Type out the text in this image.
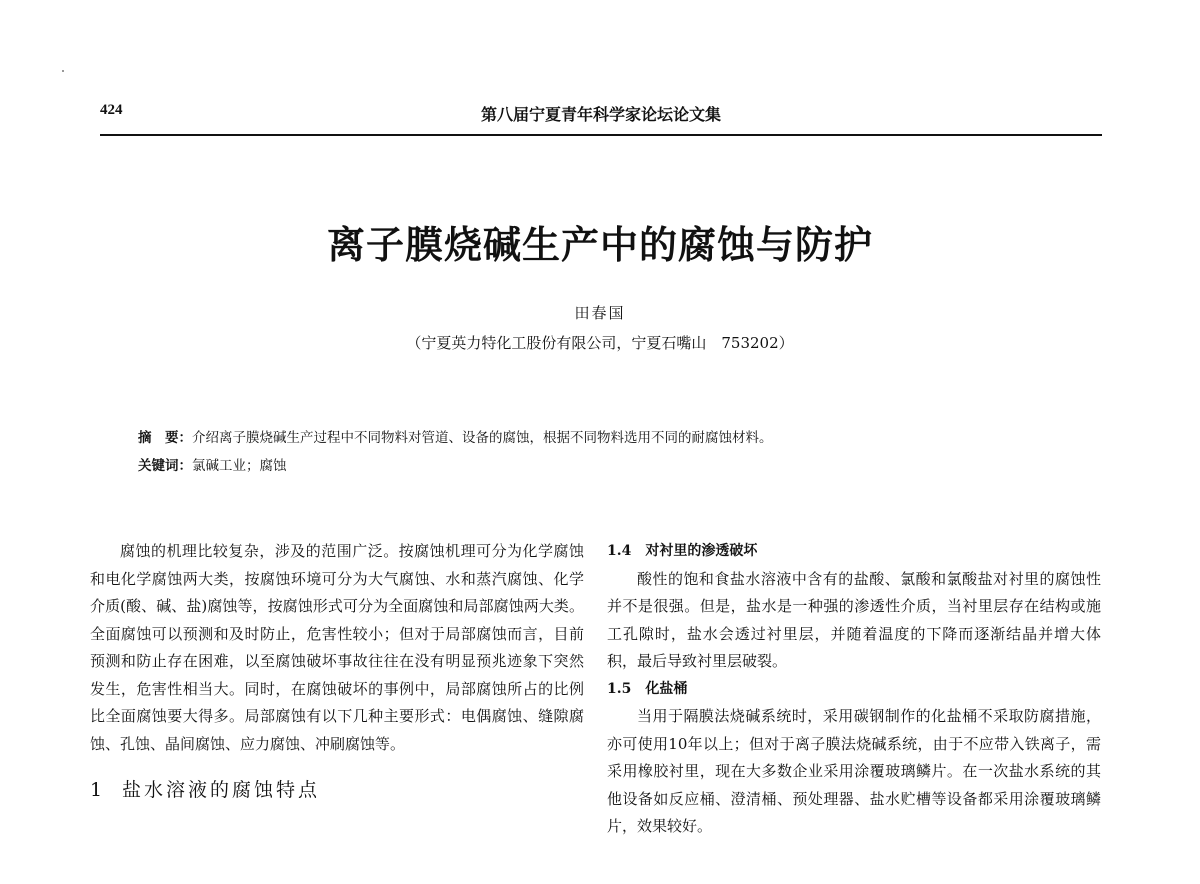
424	第八届宁夏青年科学家论坛论文集
离子膜烧碱生产中的腐蚀与防护
田春国
（宁夏英力特化工股份有限公司，宁夏石嘴山　753202）
摘　要：介绍离子膜烧碱生产过程中不同物料对管道、设备的腐蚀，根据不同物料选用不同的耐腐蚀材料。
关键词：氯碱工业；腐蚀

腐蚀的机理比较复杂，涉及的范围广泛。按腐蚀机理可分为化学腐蚀和电化学腐蚀两大类，按腐蚀环境可分为大气腐蚀、水和蒸汽腐蚀、化学介质(酸、碱、盐)腐蚀等，按腐蚀形式可分为全面腐蚀和局部腐蚀两大类。全面腐蚀可以预测和及时防止，危害性较小；但对于局部腐蚀而言，目前预测和防止存在困难，以至腐蚀破坏事故往往在没有明显预兆迹象下突然发生，危害性相当大。同时，在腐蚀破坏的事例中，局部腐蚀所占的比例比全面腐蚀要大得多。局部腐蚀有以下几种主要形式：电偶腐蚀、缝隙腐蚀、孔蚀、晶间腐蚀、应力腐蚀、冲刷腐蚀等。

1 盐水溶液的腐蚀特点
1.4　对衬里的渗透破坏

酸性的饱和食盐水溶液中含有的盐酸、氯酸和氯酸盐对衬里的腐蚀性并不是很强。但是，盐水是一种强的渗透性介质，当衬里层存在结构或施工孔隙时，盐水会透过衬里层，并随着温度的下降而逐渐结晶并增大体积，最后导致衬里层破裂。

1.5　化盐桶

当用于隔膜法烧碱系统时，采用碳钢制作的化盐桶不采取防腐措施，亦可使用10年以上；但对于离子膜法烧碱系统，由于不应带入铁离子，需采用橡胶衬里，现在大多数企业采用涂覆玻璃鳞片。在一次盐水系统的其他设备如反应桶、澄清桶、预处理器、盐水贮槽等设备都采用涂覆玻璃鳞片，效果较好。
